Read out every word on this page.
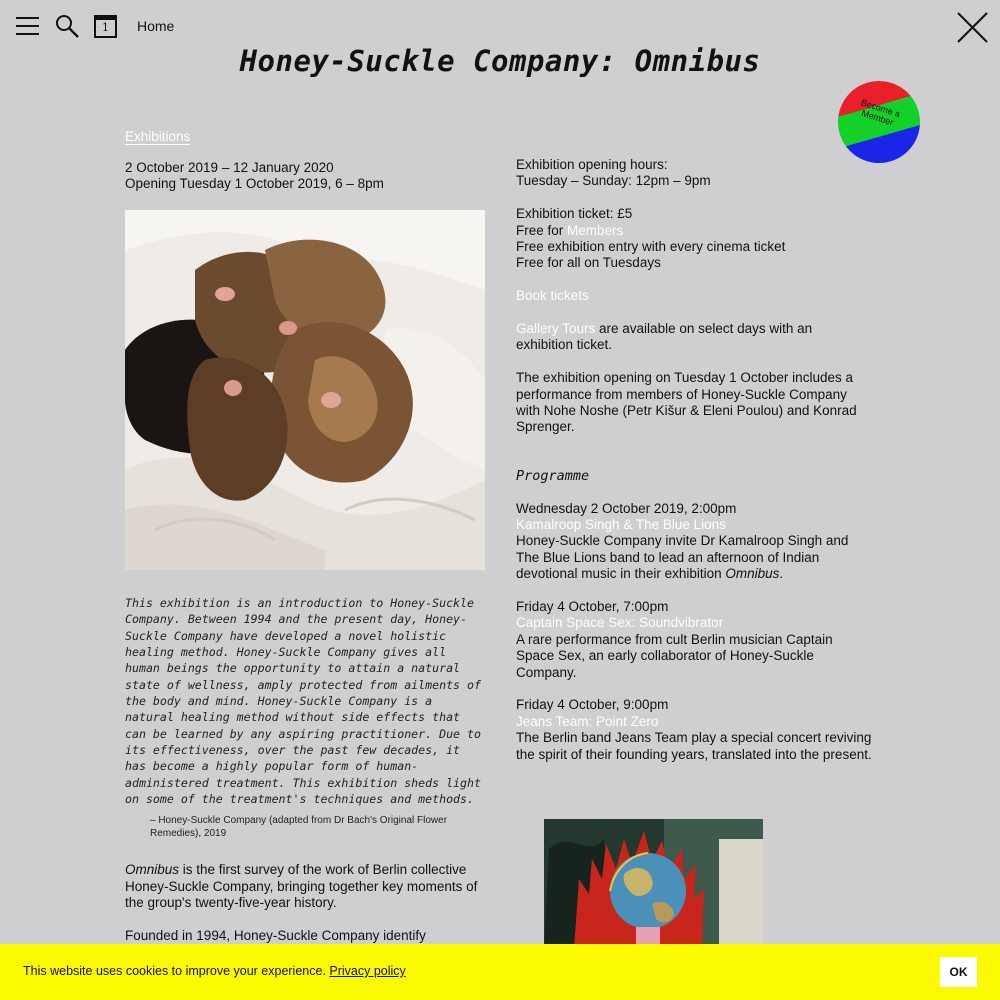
1	Home
Honey-Suckle Company: Omnibus
Become a Member
Exhibitions
2 October 2019 – 12 January 2020
Opening Tuesday 1 October 2019, 6 – 8pm

This exhibition is an introduction to Honey-Suckle Company. Between 1994 and the present day, Honey-Suckle Company have developed a novel holistic healing method. Honey-Suckle Company gives all human beings the opportunity to attain a natural state of wellness, amply protected from ailments of the body and mind. Honey-Suckle Company is a natural healing method without side effects that can be learned by any aspiring practitioner. Due to its effectiveness, over the past few decades, it has become a highly popular form of human-administered treatment. This exhibition sheds light on some of the treatment's techniques and methods.

– Honey-Suckle Company (adapted from Dr Bach's Original Flower Remedies), 2019

Omnibus is the first survey of the work of Berlin collective Honey-Suckle Company, bringing together key moments of the group's twenty-five-year history.

Founded in 1994, Honey-Suckle Company identify

Exhibition opening hours:
Tuesday – Sunday: 12pm – 9pm
Exhibition ticket: £5
Free for Members
Free exhibition entry with every cinema ticket
Free for all on Tuesdays
Book tickets
Gallery Tours are available on select days with an exhibition ticket.
The exhibition opening on Tuesday 1 October includes a performance from members of Honey-Suckle Company with Nohe Noshe (Petr Kišur & Eleni Poulou) and Konrad Sprenger.
Programme
Wednesday 2 October 2019, 2:00pm
Kamalroop Singh & The Blue Lions
Honey-Suckle Company invite Dr Kamalroop Singh and The Blue Lions band to lead an afternoon of Indian devotional music in their exhibition Omnibus.
Friday 4 October, 7:00pm
Captain Space Sex: Soundvibrator
A rare performance from cult Berlin musician Captain Space Sex, an early collaborator of Honey-Suckle Company.
Friday 4 October, 9:00pm
Jeans Team: Point Zero
The Berlin band Jeans Team play a special concert reviving the spirit of their founding years, translated into the present.
This website uses cookies to improve your experience. Privacy policy	OK
